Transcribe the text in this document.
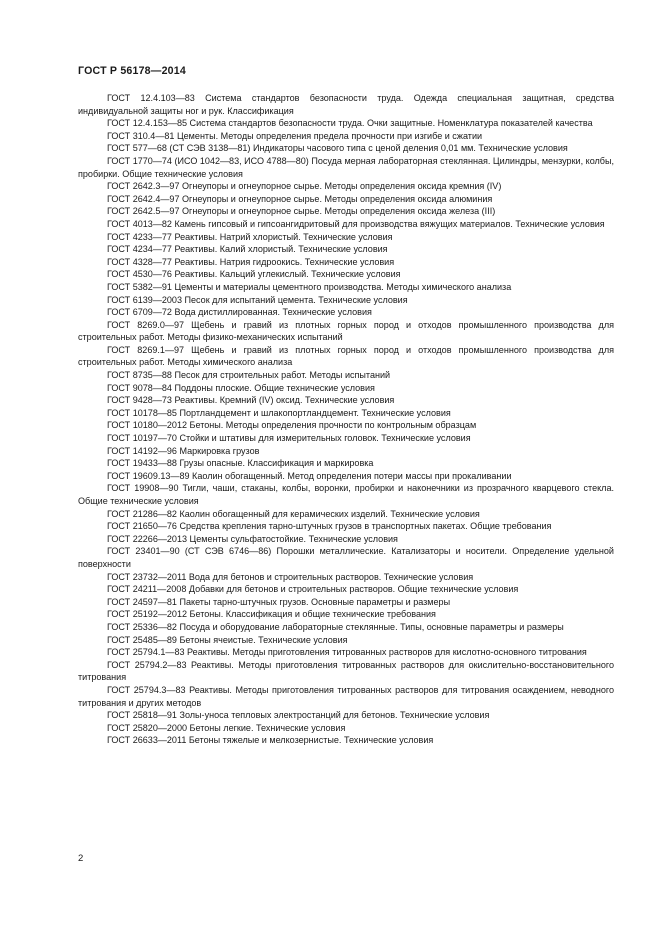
ГОСТ Р 56178—2014

ГОСТ 12.4.103—83 Система стандартов безопасности труда. Одежда специальная защитная, средства индивидуальной защиты ног и рук. Классификация

ГОСТ 12.4.153—85 Система стандартов безопасности труда. Очки защитные. Номенклатура показателей качества

ГОСТ 310.4—81 Цементы. Методы определения предела прочности при изгибе и сжатии

ГОСТ 577—68 (СТ СЭВ 3138—81) Индикаторы часового типа с ценой деления 0,01 мм. Технические условия

ГОСТ 1770—74 (ИСО 1042—83, ИСО 4788—80) Посуда мерная лабораторная стеклянная. Цилиндры, мензурки, колбы, пробирки. Общие технические условия

ГОСТ 2642.3—97 Огнеупоры и огнеупорное сырье. Методы определения оксида кремния (IV)

ГОСТ 2642.4—97 Огнеупоры и огнеупорное сырье. Методы определения оксида алюминия

ГОСТ 2642.5—97 Огнеупоры и огнеупорное сырье. Методы определения оксида железа (III)

ГОСТ 4013—82 Камень гипсовый и гипсоангидритовый для производства вяжущих материалов. Технические условия

ГОСТ 4233—77 Реактивы. Натрий хлористый. Технические условия

ГОСТ 4234—77 Реактивы. Калий хлористый. Технические условия

ГОСТ 4328—77 Реактивы. Натрия гидроокись. Технические условия

ГОСТ 4530—76 Реактивы. Кальций углекислый. Технические условия

ГОСТ 5382—91 Цементы и материалы цементного производства. Методы химического анализа

ГОСТ 6139—2003 Песок для испытаний цемента. Технические условия

ГОСТ 6709—72 Вода дистиллированная. Технические условия

ГОСТ 8269.0—97 Щебень и гравий из плотных горных пород и отходов промышленного производства для строительных работ. Методы физико-механических испытаний

ГОСТ 8269.1—97 Щебень и гравий из плотных горных пород и отходов промышленного производства для строительных работ. Методы химического анализа

ГОСТ 8735—88 Песок для строительных работ. Методы испытаний

ГОСТ 9078—84 Поддоны плоские. Общие технические условия

ГОСТ 9428—73 Реактивы. Кремний (IV) оксид. Технические условия

ГОСТ 10178—85 Портландцемент и шлакопортландцемент. Технические условия

ГОСТ 10180—2012 Бетоны. Методы определения прочности по контрольным образцам

ГОСТ 10197—70 Стойки и штативы для измерительных головок. Технические условия

ГОСТ 14192—96 Маркировка грузов

ГОСТ 19433—88 Грузы опасные. Классификация и маркировка

ГОСТ 19609.13—89 Каолин обогащенный. Метод определения потери массы при прокаливании

ГОСТ 19908—90 Тигли, чаши, стаканы, колбы, воронки, пробирки и наконечники из прозрачного кварцевого стекла. Общие технические условия

ГОСТ 21286—82 Каолин обогащенный для керамических изделий. Технические условия

ГОСТ 21650—76 Средства крепления тарно-штучных грузов в транспортных пакетах. Общие требования

ГОСТ 22266—2013 Цементы сульфатостойкие. Технические условия

ГОСТ 23401—90 (СТ СЭВ 6746—86) Порошки металлические. Катализаторы и носители. Определение удельной поверхности

ГОСТ 23732—2011 Вода для бетонов и строительных растворов. Технические условия

ГОСТ 24211—2008 Добавки для бетонов и строительных растворов. Общие технические условия

ГОСТ 24597—81 Пакеты тарно-штучных грузов. Основные параметры и размеры

ГОСТ 25192—2012 Бетоны. Классификация и общие технические требования

ГОСТ 25336—82 Посуда и оборудование лабораторные стеклянные. Типы, основные параметры и размеры

ГОСТ 25485—89 Бетоны ячеистые. Технические условия

ГОСТ 25794.1—83 Реактивы. Методы приготовления титрованных растворов для кислотно-основного титрования

ГОСТ 25794.2—83 Реактивы. Методы приготовления титрованных растворов для окислительно-восстановительного титрования

ГОСТ 25794.3—83 Реактивы. Методы приготовления титрованных растворов для титрования осаждением, неводного титрования и других методов

ГОСТ 25818—91 Золы-уноса тепловых электростанций для бетонов. Технические условия

ГОСТ 25820—2000 Бетоны легкие. Технические условия

ГОСТ 26633—2011 Бетоны тяжелые и мелкозернистые. Технические условия

2
